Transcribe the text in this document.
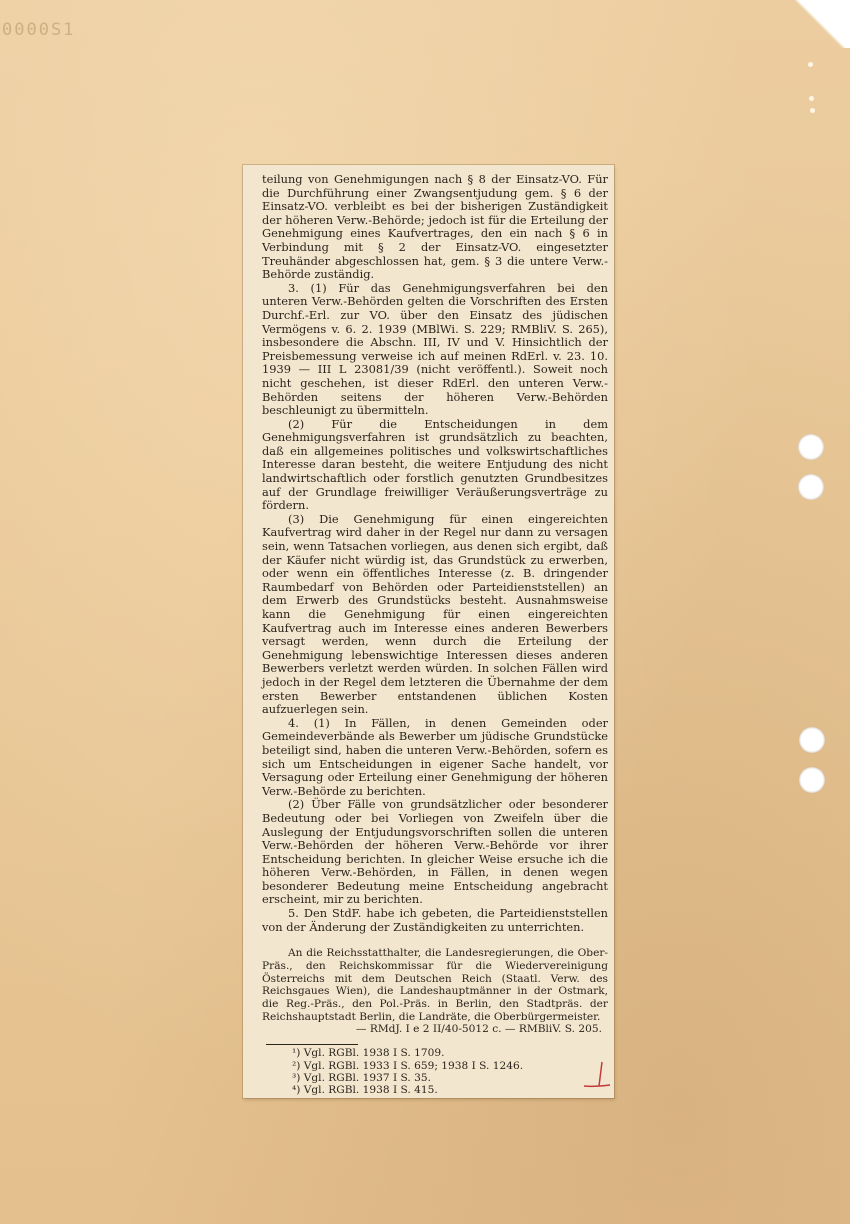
0000S1

teilung von Genehmigungen nach § 8 der Einsatz-VO. Für die Durchführung einer Zwangsentjudung gem. § 6 der Einsatz-VO. verbleibt es bei der bisherigen Zuständigkeit der höheren Verw.-Behörde; jedoch ist für die Erteilung der Genehmigung eines Kaufvertrages, den ein nach § 6 in Verbindung mit § 2 der Einsatz-VO. eingesetzter Treuhänder abgeschlossen hat, gem. § 3 die untere Verw.-Behörde zuständig.

3. (1) Für das Genehmigungsverfahren bei den unteren Verw.-Behörden gelten die Vorschriften des Ersten Durchf.-Erl. zur VO. über den Einsatz des jüdischen Vermögens v. 6. 2. 1939 (MBlWi. S. 229; RMBliV. S. 265), insbesondere die Abschn. III, IV und V. Hinsichtlich der Preisbemessung verweise ich auf meinen RdErl. v. 23. 10. 1939 — III L 23081/39 (nicht veröffentl.). Soweit noch nicht geschehen, ist dieser RdErl. den unteren Verw.-Behörden seitens der höheren Verw.-Behörden beschleunigt zu übermitteln.

(2) Für die Entscheidungen in dem Genehmigungsverfahren ist grundsätzlich zu beachten, daß ein allgemeines politisches und volkswirtschaftliches Interesse daran besteht, die weitere Entjudung des nicht landwirtschaftlich oder forstlich genutzten Grundbesitzes auf der Grundlage freiwilliger Veräußerungsverträge zu fördern.

(3) Die Genehmigung für einen eingereichten Kaufvertrag wird daher in der Regel nur dann zu versagen sein, wenn Tatsachen vorliegen, aus denen sich ergibt, daß der Käufer nicht würdig ist, das Grundstück zu erwerben, oder wenn ein öffentliches Interesse (z. B. dringender Raumbedarf von Behörden oder Parteidienststellen) an dem Erwerb des Grundstücks besteht. Ausnahmsweise kann die Genehmigung für einen eingereichten Kaufvertrag auch im Interesse eines anderen Bewerbers versagt werden, wenn durch die Erteilung der Genehmigung lebenswichtige Interessen dieses anderen Bewerbers verletzt werden würden. In solchen Fällen wird jedoch in der Regel dem letzteren die Übernahme der dem ersten Bewerber entstandenen üblichen Kosten aufzuerlegen sein.

4. (1) In Fällen, in denen Gemeinden oder Gemeindeverbände als Bewerber um jüdische Grundstücke beteiligt sind, haben die unteren Verw.-Behörden, sofern es sich um Entscheidungen in eigener Sache handelt, vor Versagung oder Erteilung einer Genehmigung der höheren Verw.-Behörde zu berichten.

(2) Über Fälle von grundsätzlicher oder besonderer Bedeutung oder bei Vorliegen von Zweifeln über die Auslegung der Entjudungsvorschriften sollen die unteren Verw.-Behörden der höheren Verw.-Behörde vor ihrer Entscheidung berichten. In gleicher Weise ersuche ich die höheren Verw.-Behörden, in Fällen, in denen wegen besonderer Bedeutung meine Entscheidung angebracht erscheint, mir zu berichten.

5. Den StdF. habe ich gebeten, die Parteidienststellen von der Änderung der Zuständigkeiten zu unterrichten.

An die Reichsstatthalter, die Landesregierungen, die Ober-Präs., den Reichskommissar für die Wiedervereinigung Österreichs mit dem Deutschen Reich (Staatl. Verw. des Reichsgaues Wien), die Landeshauptmänner in der Ostmark, die Reg.-Präs., den Pol.-Präs. in Berlin, den Stadtpräs. der Reichshauptstadt Berlin, die Landräte, die Oberbürgermeister.

— RMdJ. I e 2 II/40-5012 c. — RMBliV. S. 205.

¹) Vgl. RGBl. 1938 I S. 1709.
²) Vgl. RGBl. 1933 I S. 659; 1938 I S. 1246.
³) Vgl. RGBl. 1937 I S. 35.
⁴) Vgl. RGBl. 1938 I S. 415.
